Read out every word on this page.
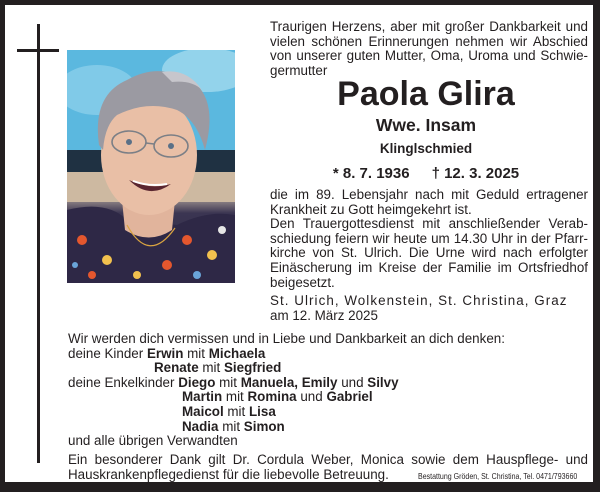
Traurigen Herzens, aber mit großer Dankbarkeit und
vielen schönen Erinnerungen nehmen wir Abschied
von unserer guten Mutter, Oma, Uroma und Schwie-
germutter
Paola Glira
Wwe. Insam
Klinglschmied
* 8. 7. 1936 † 12. 3. 2025
die im 89. Lebensjahr nach mit Geduld ertragener
Krankheit zu Gott heimgekehrt ist.
Den Trauergottesdienst mit anschließender Verab-
schiedung feiern wir heute um 14.30 Uhr in der Pfarr-
kirche von St. Ulrich. Die Urne wird nach erfolgter
Einäscherung im Kreise der Familie im Ortsfriedhof
beigesetzt.
St. Ulrich, Wolkenstein, St. Christina, Graz
am 12. März 2025
Wir werden dich vermissen und in Liebe und Dankbarkeit an dich denken:
deine Kinder Erwin mit Michaela
Renate mit Siegfried
deine Enkelkinder Diego mit Manuela, Emily und Silvy
Martin mit Romina und Gabriel
Maicol mit Lisa
Nadia mit Simon
und alle übrigen Verwandten
Ein besonderer Dank gilt Dr. Cordula Weber, Monica sowie dem Hauspflege- und
Hauskrankenpflegedienst für die liebevolle Betreuung.	Bestattung Gröden, St. Christina, Tel. 0471/793660
